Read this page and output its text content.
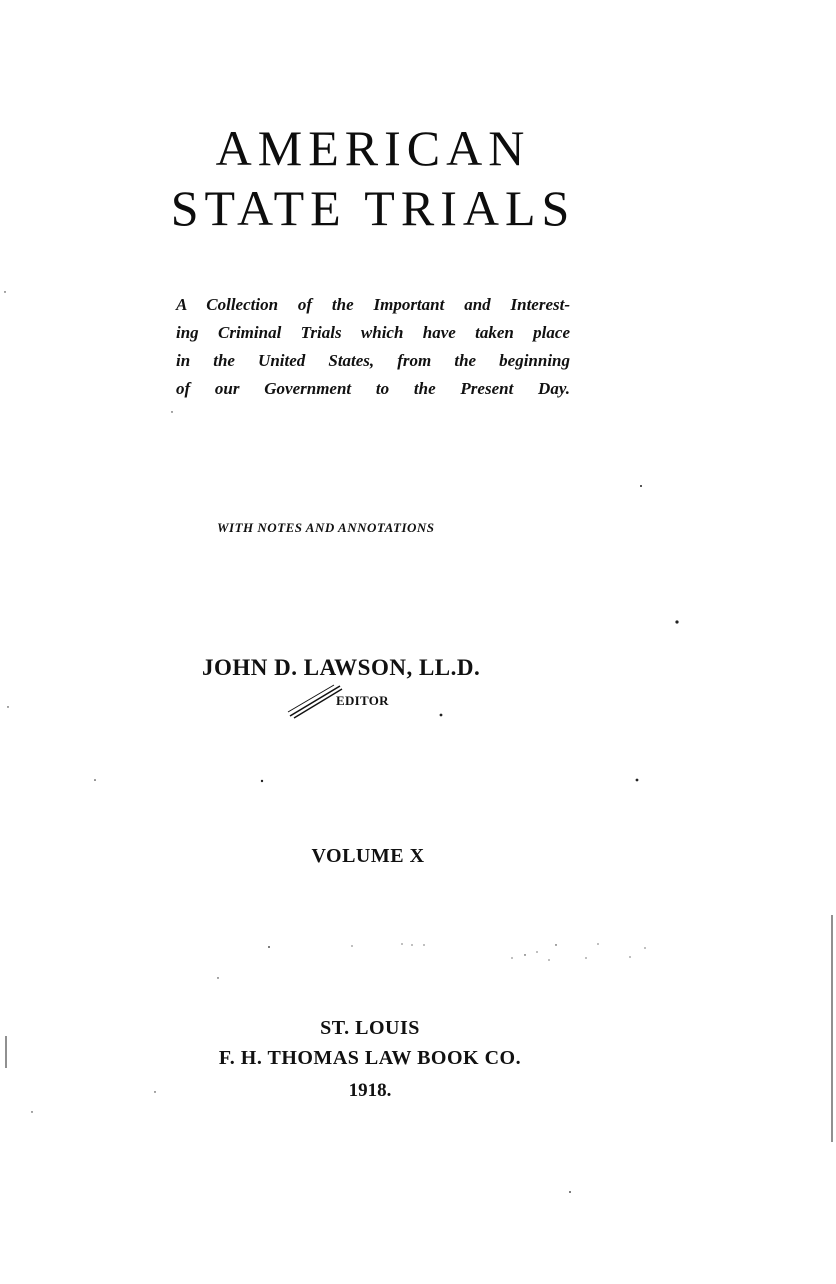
AMERICAN
STATE TRIALS
A Collection of the Important and Interest-
ing Criminal Trials which have taken place
in the United States, from the beginning
of our Government to the Present Day.
WITH NOTES AND ANNOTATIONS
JOHN D. LAWSON, LL.D.
EDITOR
VOLUME X
ST. LOUIS
F. H. THOMAS LAW BOOK CO.
1918.
